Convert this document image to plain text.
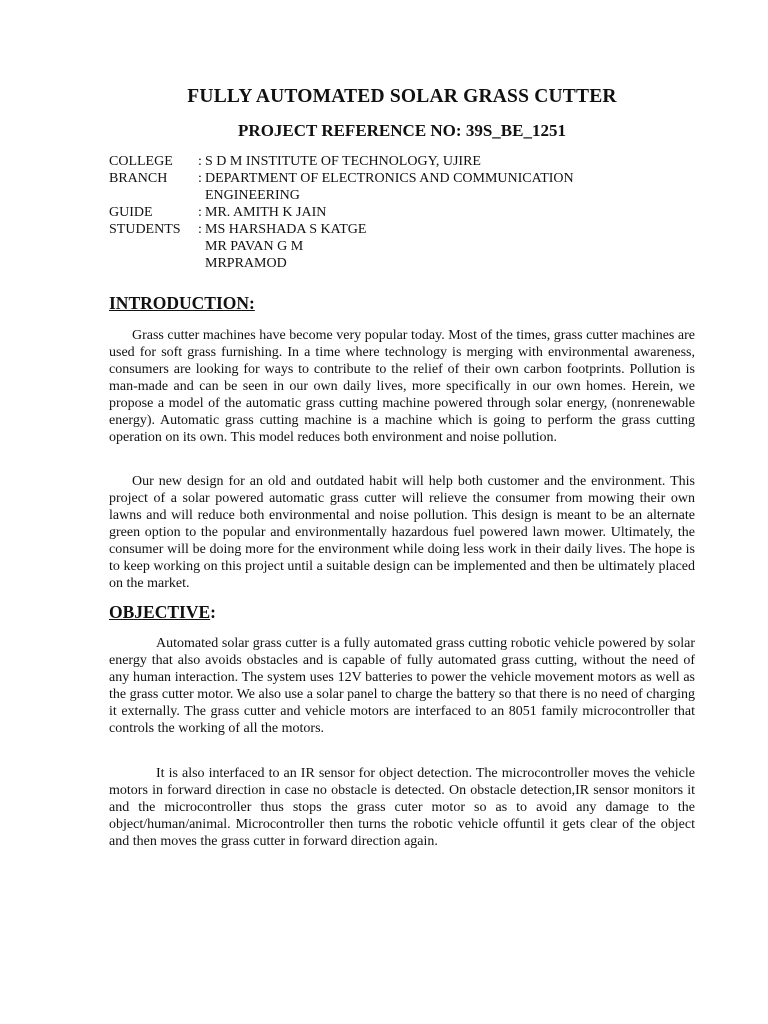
FULLY AUTOMATED SOLAR GRASS CUTTER
PROJECT REFERENCE NO: 39S_BE_1251
COLLEGE	: S D M INSTITUTE OF TECHNOLOGY, UJIRE
BRANCH	: DEPARTMENT OF ELECTRONICS AND COMMUNICATION
ENGINEERING
GUIDE	: MR. AMITH K JAIN
STUDENTS	: MS HARSHADA S KATGE
MR PAVAN G M
MRPRAMOD
INTRODUCTION:

Grass cutter machines have become very popular today. Most of the times, grass cutter machines are used for soft grass furnishing. In a time where technology is merging with environmental awareness, consumers are looking for ways to contribute to the relief of their own carbon footprints. Pollution is man-made and can be seen in our own daily lives, more specifically in our own homes. Herein, we propose a model of the automatic grass cutting machine powered through solar energy, (nonrenewable energy). Automatic grass cutting machine is a machine which is going to perform the grass cutting operation on its own. This model reduces both environment and noise pollution.

Our new design for an old and outdated habit will help both customer and the environment. This project of a solar powered automatic grass cutter will relieve the consumer from mowing their own lawns and will reduce both environmental and noise pollution. This design is meant to be an alternate green option to the popular and environmentally hazardous fuel powered lawn mower. Ultimately, the consumer will be doing more for the environment while doing less work in their daily lives. The hope is to keep working on this project until a suitable design can be implemented and then be ultimately placed on the market.

OBJECTIVE:

Automated solar grass cutter is a fully automated grass cutting robotic vehicle powered by solar energy that also avoids obstacles and is capable of fully automated grass cutting, without the need of any human interaction. The system uses 12V batteries to power the vehicle movement motors as well as the grass cutter motor. We also use a solar panel to charge the battery so that there is no need of charging it externally. The grass cutter and vehicle motors are interfaced to an 8051 family microcontroller that controls the working of all the motors.

It is also interfaced to an IR sensor for object detection. The microcontroller moves the vehicle motors in forward direction in case no obstacle is detected. On obstacle detection,IR sensor monitors it and the microcontroller thus stops the grass cuter motor so as to avoid any damage to the object/human/animal. Microcontroller then turns the robotic vehicle offuntil it gets clear of the object and then moves the grass cutter in forward direction again.
